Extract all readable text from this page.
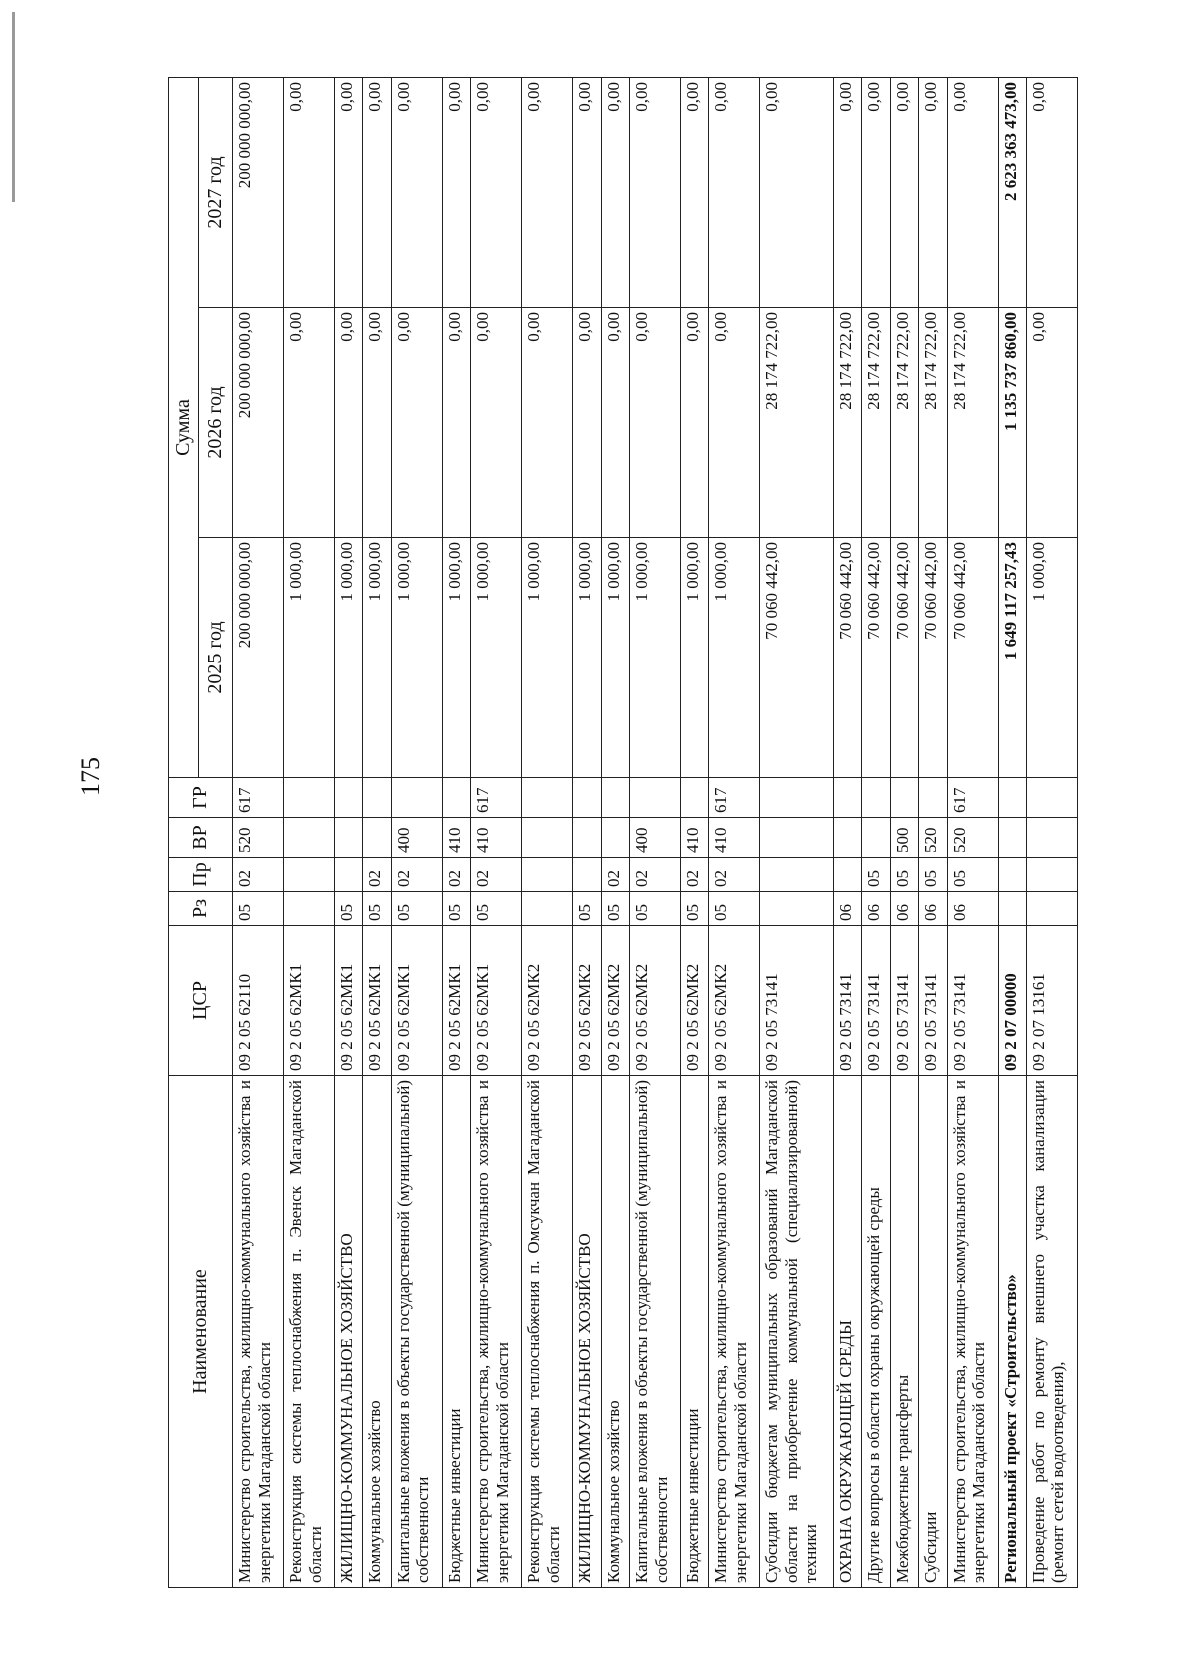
175
Наименование	ЦСР	Рз	Пр	ВР	ГР	Сумма		
						2025 год	2026 год	2027 год
Министерство строительства, жилищно-коммунального хозяйства и энергетики Магаданской области	09 2 05 62110	05	02	520	617	200 000 000,00	200 000 000,00	200 000 000,00
Реконструкция системы теплоснабжения п. Эвенск Магаданской области	09 2 05 62МК1					1 000,00	0,00	0,00
ЖИЛИЩНО-КОММУНАЛЬНОЕ ХОЗЯЙСТВО	09 2 05 62МК1	05				1 000,00	0,00	0,00
Коммунальное хозяйство	09 2 05 62МК1	05	02			1 000,00	0,00	0,00
Капитальные вложения в объекты государственной (муниципальной) собственности	09 2 05 62МК1	05	02	400		1 000,00	0,00	0,00
Бюджетные инвестиции	09 2 05 62МК1	05	02	410		1 000,00	0,00	0,00
Министерство строительства, жилищно-коммунального хозяйства и энергетики Магаданской области	09 2 05 62МК1	05	02	410	617	1 000,00	0,00	0,00
Реконструкция системы теплоснабжения п. Омсукчан Магаданской области	09 2 05 62МК2					1 000,00	0,00	0,00
ЖИЛИЩНО-КОММУНАЛЬНОЕ ХОЗЯЙСТВО	09 2 05 62МК2	05				1 000,00	0,00	0,00
Коммунальное хозяйство	09 2 05 62МК2	05	02			1 000,00	0,00	0,00
Капитальные вложения в объекты государственной (муниципальной) собственности	09 2 05 62МК2	05	02	400		1 000,00	0,00	0,00
Бюджетные инвестиции	09 2 05 62МК2	05	02	410		1 000,00	0,00	0,00
Министерство строительства, жилищно-коммунального хозяйства и энергетики Магаданской области	09 2 05 62МК2	05	02	410	617	1 000,00	0,00	0,00
Субсидии бюджетам муниципальных образований Магаданской области на приобретение коммунальной (специализированной) техники	09 2 05 73141					70 060 442,00	28 174 722,00	0,00
ОХРАНА ОКРУЖАЮЩЕЙ СРЕДЫ	09 2 05 73141	06				70 060 442,00	28 174 722,00	0,00
Другие вопросы в области охраны окружающей среды	09 2 05 73141	06	05			70 060 442,00	28 174 722,00	0,00
Межбюджетные трансферты	09 2 05 73141	06	05	500		70 060 442,00	28 174 722,00	0,00
Субсидии	09 2 05 73141	06	05	520		70 060 442,00	28 174 722,00	0,00
Министерство строительства, жилищно-коммунального хозяйства и энергетики Магаданской области	09 2 05 73141	06	05	520	617	70 060 442,00	28 174 722,00	0,00
Региональный проект «Строительство»	09 2 07 00000					1 649 117 257,43	1 135 737 860,00	2 623 363 473,00
Проведение работ по ремонту внешнего участка канализации (ремонт сетей водоотведения),	09 2 07 13161					1 000,00	0,00	0,00
